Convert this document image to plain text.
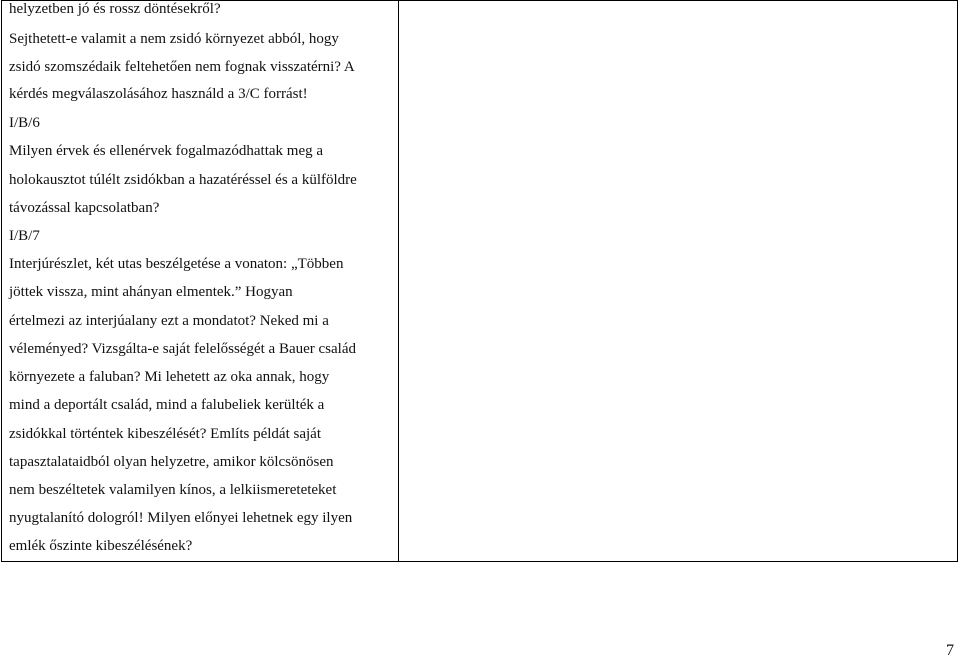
helyzetben jó és rossz döntésekről?
Sejthetett-e valamit a nem zsidó környezet abból, hogy
zsidó szomszédaik feltehetően nem fognak visszatérni? A
kérdés megválaszolásához használd a 3/C forrást!
I/B/6
Milyen érvek és ellenérvek fogalmazódhattak meg a
holokausztot túlélt zsidókban a hazatéréssel és a külföldre
távozással kapcsolatban?
I/B/7
Interjúrészlet, két utas beszélgetése a vonaton: „Többen
jöttek vissza, mint ahányan elmentek.” Hogyan
értelmezi az interjúalany ezt a mondatot? Neked mi a
véleményed? Vizsgálta-e saját felelősségét a Bauer család
környezete a faluban? Mi lehetett az oka annak, hogy
mind a deportált család, mind a falubeliek kerülték a
zsidókkal történtek kibeszélését? Említs példát saját
tapasztalataidból olyan helyzetre, amikor kölcsönösen
nem beszéltetek valamilyen kínos, a lelkiismereteteket
nyugtalanító dologról! Milyen előnyei lehetnek egy ilyen
emlék őszinte kibeszélésének?
7
